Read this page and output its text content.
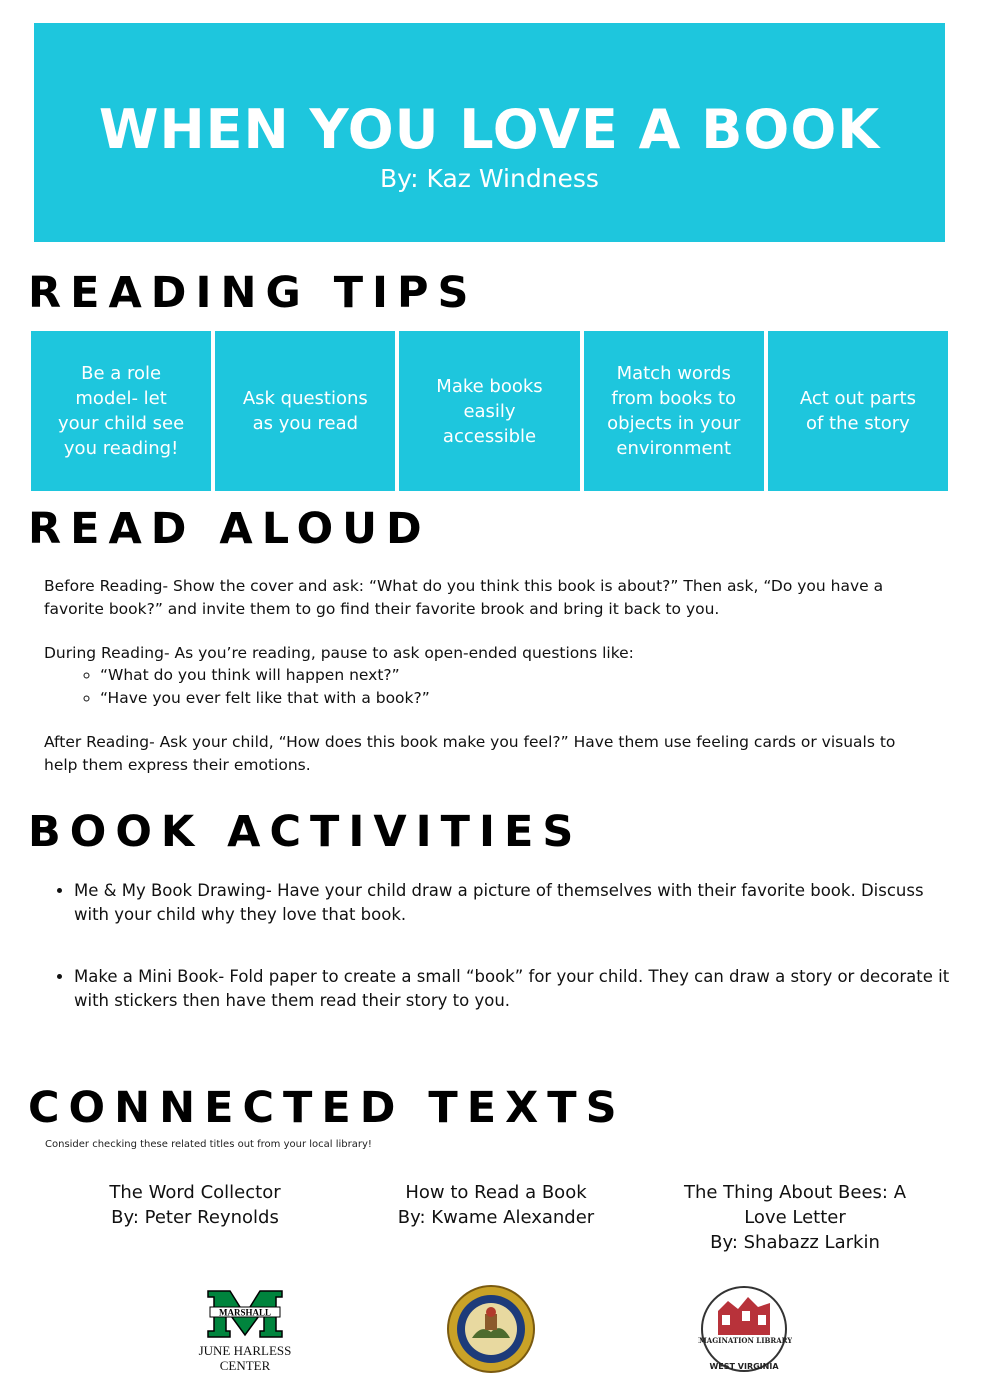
WHEN YOU LOVE A BOOK
By: Kaz Windness
READING TIPS
Be a role model- let your child see you reading!
Ask questions as you read
Make books easily accessible
Match words from books to objects in your environment
Act out parts of the story
READ ALOUD

Before Reading- Show the cover and ask: “What do you think this book is about?” Then ask, “Do you have a favorite book?” and invite them to go find their favorite brook and bring it back to you.

During Reading- As you’re reading, pause to ask open-ended questions like:

◦ “What do you think will happen next?”
◦ “Have you ever felt like that with a book?”

After Reading- Ask your child, “How does this book make you feel?” Have them use feeling cards or visuals to help them express their emotions.

BOOK ACTIVITIES
• Me & My Book Drawing- Have your child draw a picture of themselves with their favorite book. Discuss with your child why they love that book.
• Make a Mini Book- Fold paper to create a small “book” for your child. They can draw a story or decorate it with stickers then have them read their story to you.
CONNECTED TEXTS
Consider checking these related titles out from your local library!
The Word Collector
By: Peter Reynolds
How to Read a Book
By: Kwame Alexander
The Thing About Bees: A Love Letter
By: Shabazz Larkin
MARSHALL
JUNE HARLESS
CENTER
Dolly Parton's
IMAGINATION LIBRARY
WEST VIRGINIA
